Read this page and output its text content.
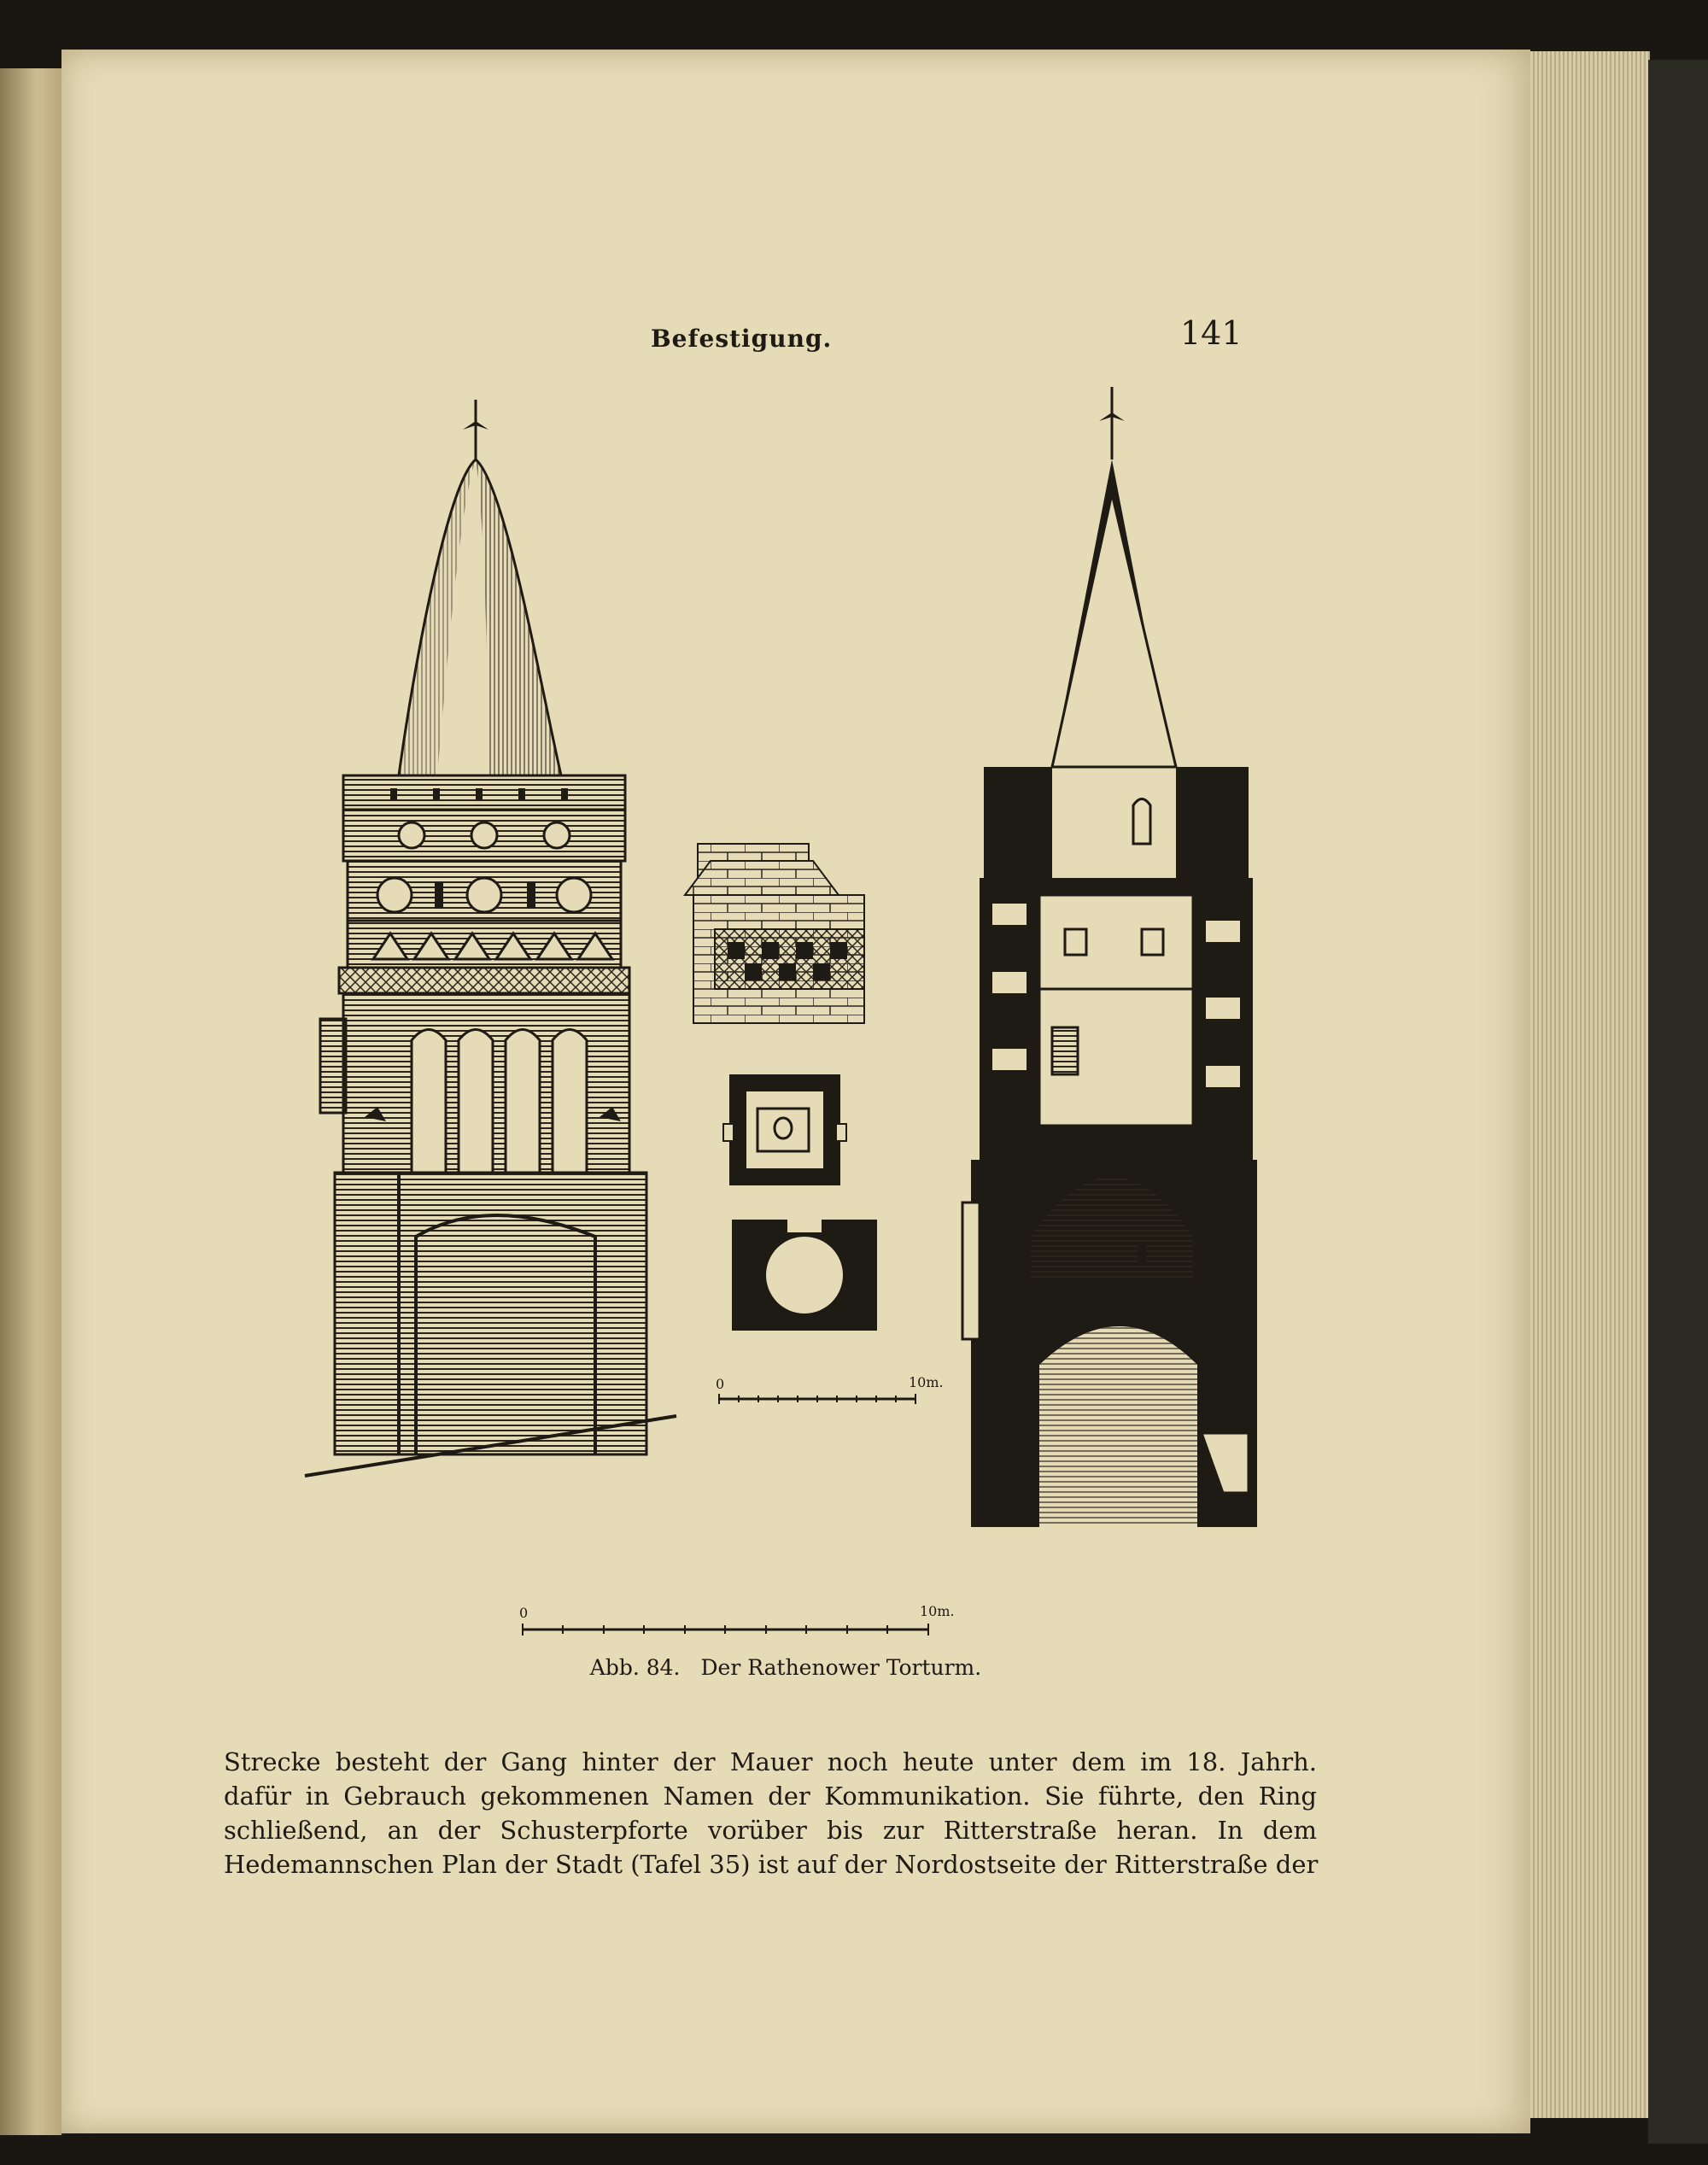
Befestigung.	141
0	10m.
0	10m.
Abb. 84. Der Rathenower Torturm.
Strecke besteht der Gang hinter der Mauer noch heute unter dem im 18. Jahrh.
dafür in Gebrauch gekommenen Namen der Kommunikation. Sie führte, den Ring
schließend, an der Schusterpforte vorüber bis zur Ritterstraße heran. In dem
Hedemannschen Plan der Stadt (Tafel 35) ist auf der Nordostseite der Ritterstraße der
